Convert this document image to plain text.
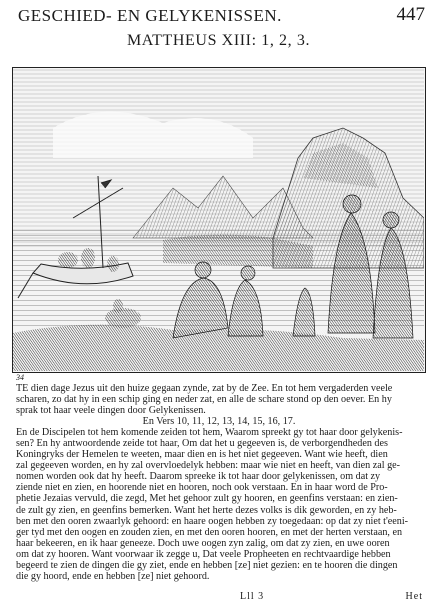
GESCHIED- EN GELYKENISSEN.	447
MATTHEUS XIII: 1, 2, 3.
34
TE dien dage Jezus uit den huize gegaan zynde, zat by de Zee. En tot hem vergaderden veele
scharen, zo dat hy in een schip ging en neder zat, en alle de schare stond op den oever. En hy
sprak tot haar veele dingen door Gelykenissen.
En Vers 10, 11, 12, 13, 14, 15, 16, 17.
En de Discipelen tot hem komende zeiden tot hem, Waarom spreekt gy tot haar door gelykenis-
sen? En hy antwoordende zeide tot haar, Om dat het u gegeeven is, de verborgendheden des
Koningryks der Hemelen te weeten, maar dien en is het niet gegeeven. Want wie heeft, dien
zal gegeeven worden, en hy zal overvloedelyk hebben: maar wie niet en heeft, van dien zal ge-
nomen worden ook dat hy heeft. Daarom spreeke ik tot haar door gelykenissen, om dat zy
ziende niet en zien, en hoorende niet en hooren, noch ook verstaan. En in haar word de Pro-
phetie Jezaias vervuld, die zegd, Met het gehoor zult gy hooren, en geenfins verstaan: en zien-
de zult gy zien, en geenfins bemerken. Want het herte dezes volks is dik geworden, en zy heb-
ben met den ooren zwaarlyk gehoord: en haare oogen hebben zy toegedaan: op dat zy niet t'eeni-
ger tyd met den oogen en zouden zien, en met den ooren hooren, en met der herten verstaan, en
haar bekeeren, en ik haar geneeze. Doch uwe oogen zyn zalig, om dat zy zien, en uwe ooren
om dat zy hooren. Want voorwaar ik zegge u, Dat veele Propheeten en rechtvaardige hebben
begeerd te zien de dingen die gy ziet, ende en hebben [ze] niet gezien: en te hooren die dingen
die gy hoord, ende en hebben [ze] niet gehoord.
Lll 3	Het
